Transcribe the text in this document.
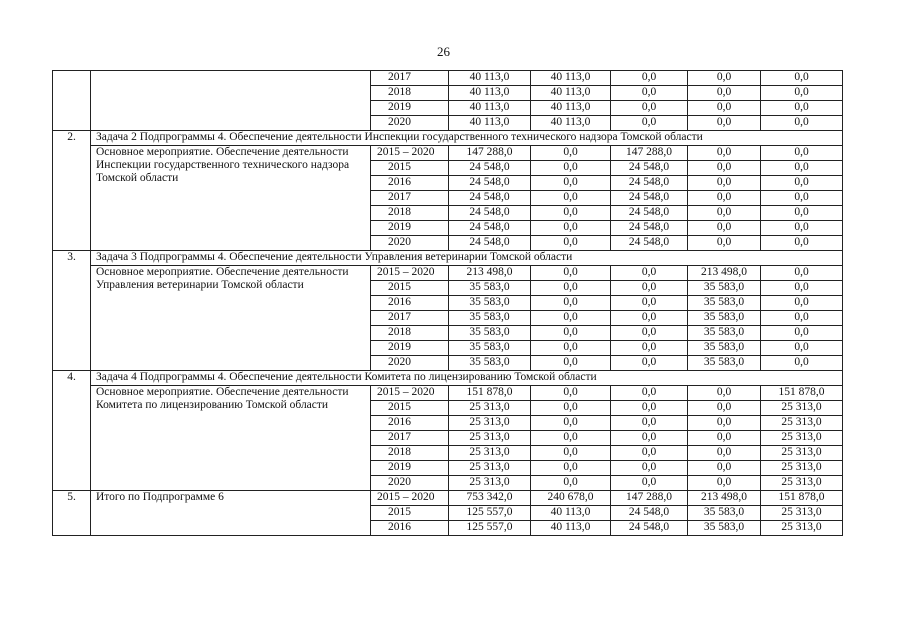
26
		2017	40 113,0	40 113,0	0,0	0,0	0,0
		2018	40 113,0	40 113,0	0,0	0,0	0,0
		2019	40 113,0	40 113,0	0,0	0,0	0,0
		2020	40 113,0	40 113,0	0,0	0,0	0,0
2.	Задача 2 Подпрограммы 4. Обеспечение деятельности Инспекции государственного технического надзора Томской области						
	Основное мероприятие. Обеспечение деятельности Инспекции государственного технического надзора Томской области	2015 – 2020	147 288,0	0,0	147 288,0	0,0	0,0
		2015	24 548,0	0,0	24 548,0	0,0	0,0
		2016	24 548,0	0,0	24 548,0	0,0	0,0
		2017	24 548,0	0,0	24 548,0	0,0	0,0
		2018	24 548,0	0,0	24 548,0	0,0	0,0
		2019	24 548,0	0,0	24 548,0	0,0	0,0
		2020	24 548,0	0,0	24 548,0	0,0	0,0
3.	Задача 3 Подпрограммы 4. Обеспечение деятельности Управления ветеринарии Томской области						
	Основное мероприятие. Обеспечение деятельности Управления ветеринарии Томской области	2015 – 2020	213 498,0	0,0	0,0	213 498,0	0,0
		2015	35 583,0	0,0	0,0	35 583,0	0,0
		2016	35 583,0	0,0	0,0	35 583,0	0,0
		2017	35 583,0	0,0	0,0	35 583,0	0,0
		2018	35 583,0	0,0	0,0	35 583,0	0,0
		2019	35 583,0	0,0	0,0	35 583,0	0,0
		2020	35 583,0	0,0	0,0	35 583,0	0,0
4.	Задача 4 Подпрограммы 4. Обеспечение деятельности Комитета по лицензированию Томской области						
	Основное мероприятие. Обеспечение деятельности Комитета по лицензированию Томской области	2015 – 2020	151 878,0	0,0	0,0	0,0	151 878,0
		2015	25 313,0	0,0	0,0	0,0	25 313,0
		2016	25 313,0	0,0	0,0	0,0	25 313,0
		2017	25 313,0	0,0	0,0	0,0	25 313,0
		2018	25 313,0	0,0	0,0	0,0	25 313,0
		2019	25 313,0	0,0	0,0	0,0	25 313,0
		2020	25 313,0	0,0	0,0	0,0	25 313,0
5.	Итого по Подпрограмме 6	2015 – 2020	753 342,0	240 678,0	147 288,0	213 498,0	151 878,0
		2015	125 557,0	40 113,0	24 548,0	35 583,0	25 313,0
		2016	125 557,0	40 113,0	24 548,0	35 583,0	25 313,0
